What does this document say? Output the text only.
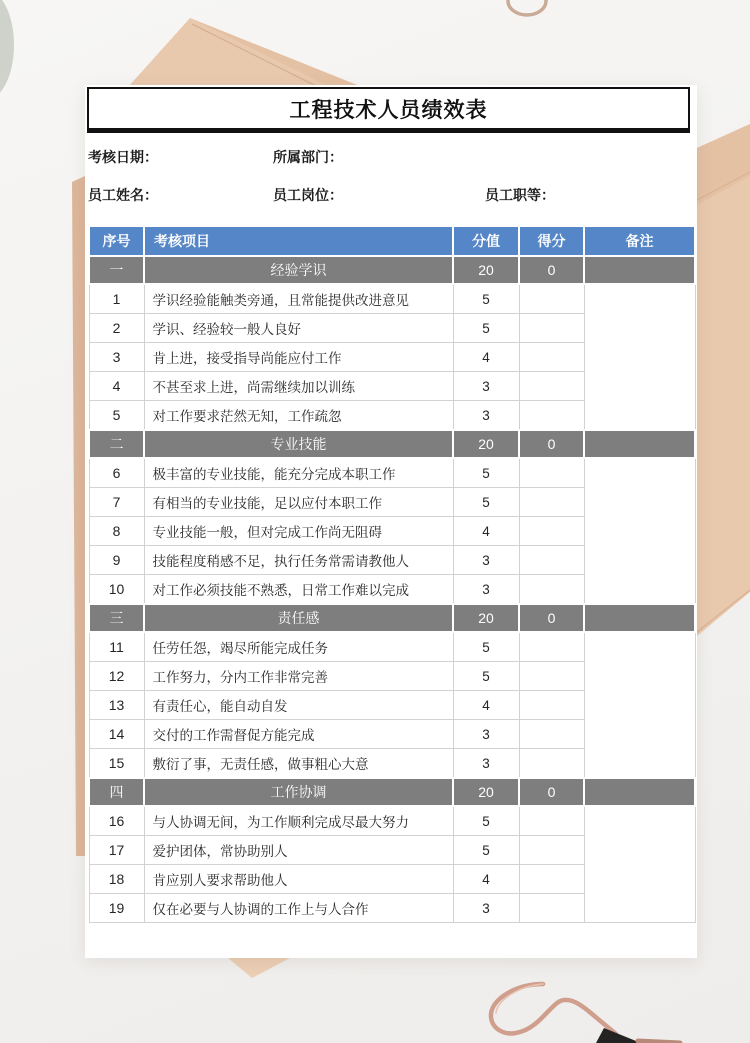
工程技术人员绩效表
考核日期：	所属部门：
员工姓名：	员工岗位：	员工职等：
序号	考核项目	分值	得分	备注
一	经验学识	20	0	
1	学识经验能触类旁通，且常能提供改进意见	5		
2	学识、经验较一般人良好	5		
3	肯上进，接受指导尚能应付工作	4		
4	不甚至求上进，尚需继续加以训练	3		
5	对工作要求茫然无知，工作疏忽	3		
二	专业技能	20	0	
6	极丰富的专业技能，能充分完成本职工作	5		
7	有相当的专业技能，足以应付本职工作	5		
8	专业技能一般，但对完成工作尚无阻碍	4		
9	技能程度稍感不足，执行任务常需请教他人	3		
10	对工作必须技能不熟悉，日常工作难以完成	3		
三	责任感	20	0	
11	任劳任怨，竭尽所能完成任务	5		
12	工作努力，分内工作非常完善	5		
13	有责任心，能自动自发	4		
14	交付的工作需督促方能完成	3		
15	敷衍了事，无责任感，做事粗心大意	3		
四	工作协调	20	0	
16	与人协调无间，为工作顺利完成尽最大努力	5		
17	爱护团体，常协助别人	5		
18	肯应别人要求帮助他人	4		
19	仅在必要与人协调的工作上与人合作	3		
